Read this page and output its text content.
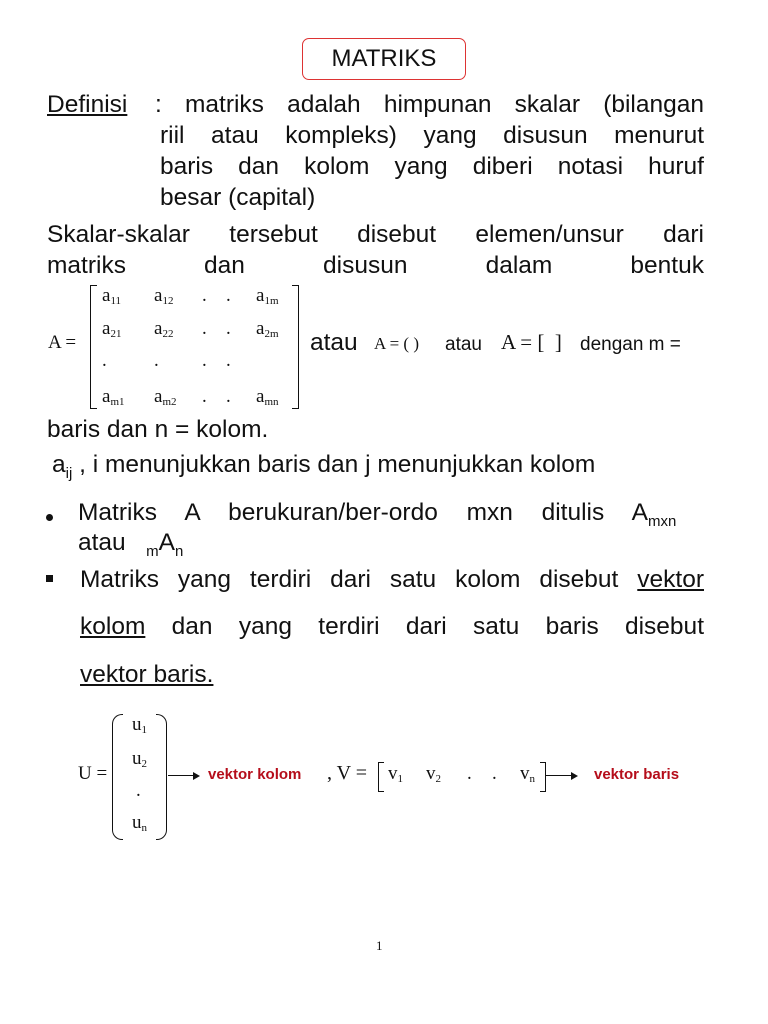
MATRIKS
Definisi : matriks adalah himpunan skalar (bilangan
riil atau kompleks) yang disusun menurut
baris dan kolom yang diberi notasi huruf
besar (capital)
Skalar-skalar tersebut disebut elemen/unsur dari
matriks dan disusun dalam bentuk
A =
$a_{11}$ $a_{12}$ . . $a_{1m}$
$a_{21}$ $a_{22}$ . . $a_{2m}$
. . . .
$a_{m1}$ $a_{m2}$ . . $a_{mn}$
atau A = ( ) atau A = [  ] dengan m =
baris dan n = kolom.
$a_{ij}$ , i menunjukkan baris dan j menunjukkan kolom
Matriks A berukuran/ber-ordo mxn ditulis $A_{mxn}$
atau   $_mA_n$
Matriks yang terdiri dari satu kolom disebut vektor
kolom dan yang terdiri dari satu baris disebut
vektor baris.
U =
$u_1$
$u_2$
.
$u_n$
vektor kolom , $V = v_1$ $v_2$ . . $v_n$	vektor baris
1
